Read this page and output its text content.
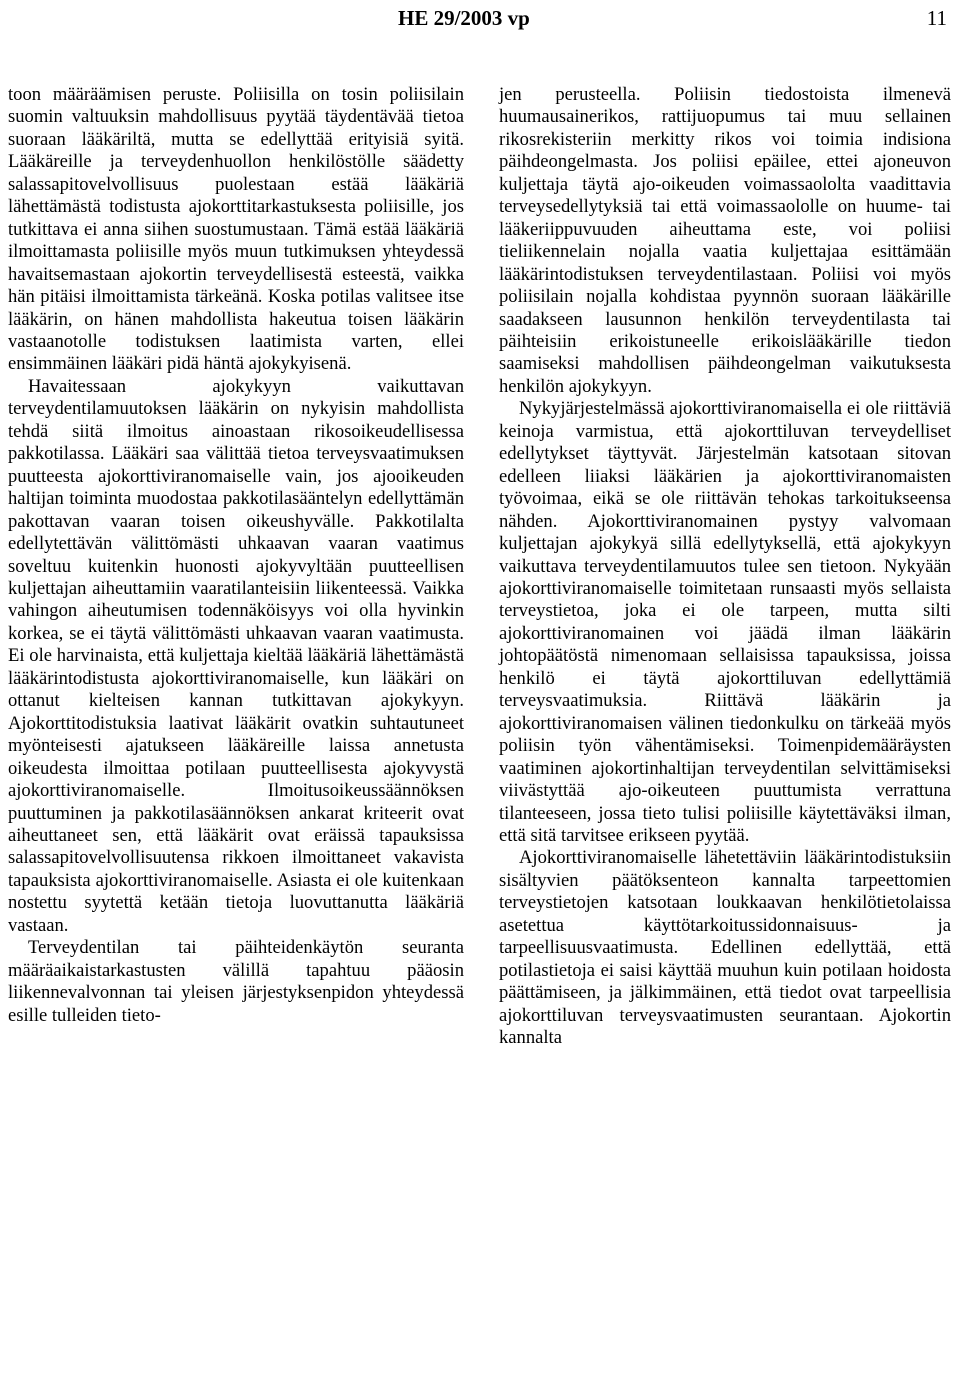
HE 29/2003 vp	11

toon määräämisen peruste. Poliisilla on tosin poliisilain suomin valtuuksin mahdollisuus pyytää täydentävää tietoa suoraan lääkäriltä, mutta se edellyttää erityisiä syitä. Lääkäreille ja terveydenhuollon henkilöstölle säädetty salassapitovelvollisuus puolestaan estää lääkäriä lähettämästä todistusta ajokorttitarkastuksesta poliisille, jos tutkittava ei anna siihen suostumustaan. Tämä estää lääkäriä ilmoittamasta poliisille myös muun tutkimuksen yhteydessä havaitsemastaan ajokortin terveydellisestä esteestä, vaikka hän pitäisi ilmoittamista tärkeänä. Koska potilas valitsee itse lääkärin, on hänen mahdollista hakeutua toisen lääkärin vastaanotolle todistuksen laatimista varten, ellei ensimmäinen lääkäri pidä häntä ajokykyisenä.

Havaitessaan ajokykyyn vaikuttavan terveydentilamuutoksen lääkärin on nykyisin mahdollista tehdä siitä ilmoitus ainoastaan rikosoikeudellisessa pakkotilassa. Lääkäri saa välittää tietoa terveysvaatimuksen puutteesta ajokorttiviranomaiselle vain, jos ajooikeuden haltijan toiminta muodostaa pakkotilasääntelyn edellyttämän pakottavan vaaran toisen oikeushyvälle. Pakkotilalta edellytettävän välittömästi uhkaavan vaaran vaatimus soveltuu kuitenkin huonosti ajokyvyltään puutteellisen kuljettajan aiheuttamiin vaaratilanteisiin liikenteessä. Vaikka vahingon aiheutumisen todennäköisyys voi olla hyvinkin korkea, se ei täytä välittömästi uhkaavan vaaran vaatimusta. Ei ole harvinaista, että kuljettaja kieltää lääkäriä lähettämästä lääkärintodistusta ajokorttiviranomaiselle, kun lääkäri on ottanut kielteisen kannan tutkittavan ajokykyyn. Ajokorttitodistuksia laativat lääkärit ovatkin suhtautuneet myönteisesti ajatukseen lääkäreille laissa annetusta oikeudesta ilmoittaa potilaan puutteellisesta ajokyvystä ajokorttiviranomaiselle. Ilmoitusoikeussäännöksen puuttuminen ja pakkotilasäännöksen ankarat kriteerit ovat aiheuttaneet sen, että lääkärit ovat eräissä tapauksissa salassapitovelvollisuutensa rikkoen ilmoittaneet vakavista tapauksista ajokorttiviranomaiselle. Asiasta ei ole kuitenkaan nostettu syytettä ketään tietoja luovuttanutta lääkäriä vastaan.

Terveydentilan tai päihteidenkäytön seuranta määräaikaistarkastusten välillä tapahtuu pääosin liikennevalvonnan tai yleisen järjestyksenpidon yhteydessä esille tulleiden tieto-

jen perusteella. Poliisin tiedostoista ilmenevä huumausainerikos, rattijuopumus tai muu sellainen rikosrekisteriin merkitty rikos voi toimia indisiona päihdeongelmasta. Jos poliisi epäilee, ettei ajoneuvon kuljettaja täytä ajo-oikeuden voimassaololta vaadittavia terveysedellytyksiä tai että voimassaololle on huume- tai lääkeriippuvuuden aiheuttama este, voi poliisi tieliikennelain nojalla vaatia kuljettajaa esittämään lääkärintodistuksen terveydentilastaan. Poliisi voi myös poliisilain nojalla kohdistaa pyynnön suoraan lääkärille saadakseen lausunnon henkilön terveydentilasta tai päihteisiin erikoistuneelle erikoislääkärille tiedon saamiseksi mahdollisen päihdeongelman vaikutuksesta henkilön ajokykyyn.

Nykyjärjestelmässä ajokorttiviranomaisella ei ole riittäviä keinoja varmistua, että ajokorttiluvan terveydelliset edellytykset täyttyvät. Järjestelmän katsotaan sitovan edelleen liiaksi lääkärien ja ajokorttiviranomaisten työvoimaa, eikä se ole riittävän tehokas tarkoitukseensa nähden. Ajokorttiviranomainen pystyy valvomaan kuljettajan ajokykyä sillä edellytyksellä, että ajokykyyn vaikuttava terveydentilamuutos tulee sen tietoon. Nykyään ajokorttiviranomaiselle toimitetaan runsaasti myös sellaista terveystietoa, joka ei ole tarpeen, mutta silti ajokorttiviranomainen voi jäädä ilman lääkärin johtopäätöstä nimenomaan sellaisissa tapauksissa, joissa henkilö ei täytä ajokorttiluvan edellyttämiä terveysvaatimuksia. Riittävä lääkärin ja ajokorttiviranomaisen välinen tiedonkulku on tärkeää myös poliisin työn vähentämiseksi. Toimenpidemääräysten vaatiminen ajokortinhaltijan terveydentilan selvittämiseksi viivästyttää ajo-oikeuteen puuttumista verrattuna tilanteeseen, jossa tieto tulisi poliisille käytettäväksi ilman, että sitä tarvitsee erikseen pyytää.

Ajokorttiviranomaiselle lähetettäviin lääkärintodistuksiin sisältyvien päätöksenteon kannalta tarpeettomien terveystietojen katsotaan loukkaavan henkilötietolaissa asetettua käyttötarkoitussidonnaisuus- ja tarpeellisuusvaatimusta. Edellinen edellyttää, että potilastietoja ei saisi käyttää muuhun kuin potilaan hoidosta päättämiseen, ja jälkimmäinen, että tiedot ovat tarpeellisia ajokorttiluvan terveysvaatimusten seurantaan. Ajokortin kannalta
